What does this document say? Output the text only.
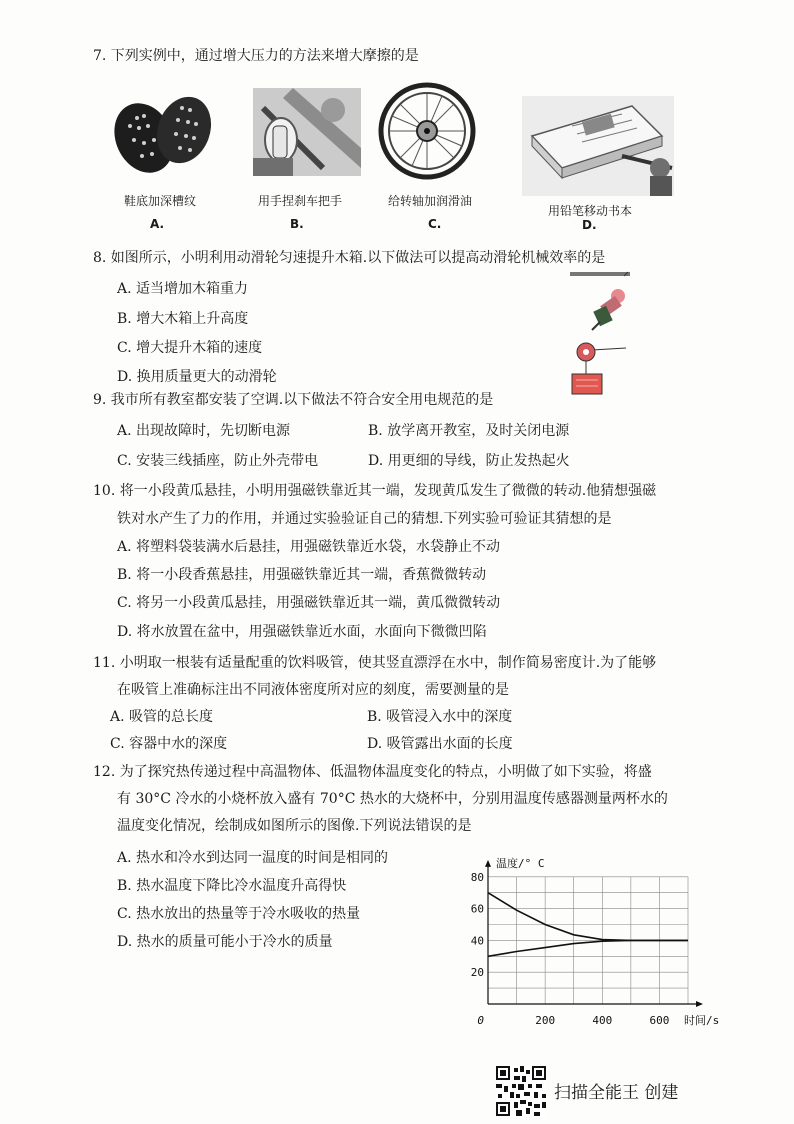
7. 下列实例中，通过增大压力的方法来增大摩擦的是
鞋底加深槽纹
A.
用手捏刹车把手
B.
给转轴加润滑油
C.
用铅笔移动书本
D.
8. 如图所示，小明利用动滑轮匀速提升木箱.以下做法可以提高动滑轮机械效率的是
A. 适当增加木箱重力
B. 增大木箱上升高度
C. 增大提升木箱的速度
D. 换用质量更大的动滑轮
9. 我市所有教室都安装了空调.以下做法不符合安全用电规范的是
A. 出现故障时，先切断电源	B. 放学离开教室，及时关闭电源
C. 安装三线插座，防止外壳带电	D. 用更细的导线，防止发热起火
10. 将一小段黄瓜悬挂，小明用强磁铁靠近其一端，发现黄瓜发生了微微的转动.他猜想强磁
铁对水产生了力的作用，并通过实验验证自己的猜想.下列实验可验证其猜想的是
A. 将塑料袋装满水后悬挂，用强磁铁靠近水袋，水袋静止不动
B. 将一小段香蕉悬挂，用强磁铁靠近其一端，香蕉微微转动
C. 将另一小段黄瓜悬挂，用强磁铁靠近其一端，黄瓜微微转动
D. 将水放置在盆中，用强磁铁靠近水面，水面向下微微凹陷
11. 小明取一根装有适量配重的饮料吸管，使其竖直漂浮在水中，制作简易密度计.为了能够
在吸管上准确标注出不同液体密度所对应的刻度，需要测量的是
A. 吸管的总长度	B. 吸管浸入水中的深度
C. 容器中水的深度	D. 吸管露出水面的长度
12. 为了探究热传递过程中高温物体、低温物体温度变化的特点，小明做了如下实验，将盛
有 30°C 冷水的小烧杯放入盛有 70°C 热水的大烧杯中，分别用温度传感器测量两杯水的
温度变化情况，绘制成如图所示的图像.下列说法错误的是
A. 热水和冷水到达同一温度的时间是相同的
B. 热水温度下降比冷水温度升高得快
C. 热水放出的热量等于冷水吸收的热量
D. 热水的质量可能小于冷水的质量
80
60
40
20
200	400	600
0
温度/° C
时间/s
扫描全能王 创建
